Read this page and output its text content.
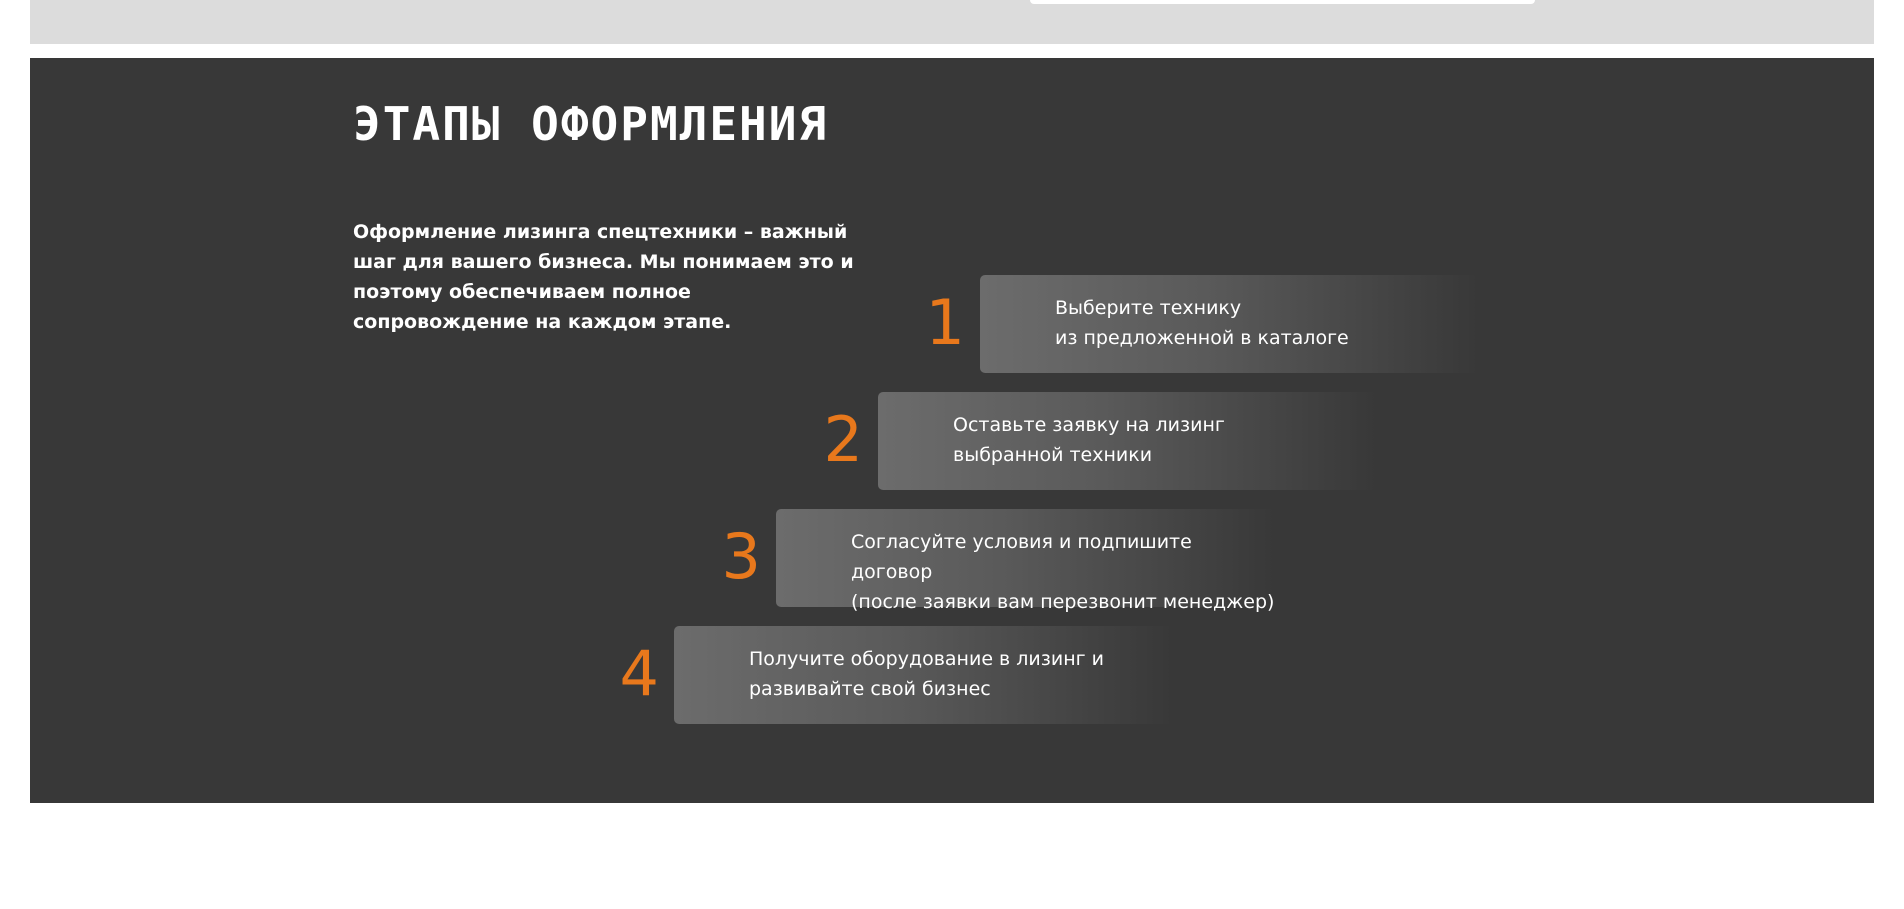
ЭТАПЫ ОФОРМЛЕНИЯ

Оформление лизинга спецтехники – важный шаг для вашего бизнеса. Мы понимаем это и поэтому обеспечиваем полное сопровождение на каждом этапе.	1	Выберите технику
из предложенной в каталоге

2	Оставьте заявку на лизинг
выбранной техники

3	Согласуйте условия и подпишите договор
(после заявки вам перезвонит менеджер)

4	Получите оборудование в лизинг и
развивайте свой бизнес
